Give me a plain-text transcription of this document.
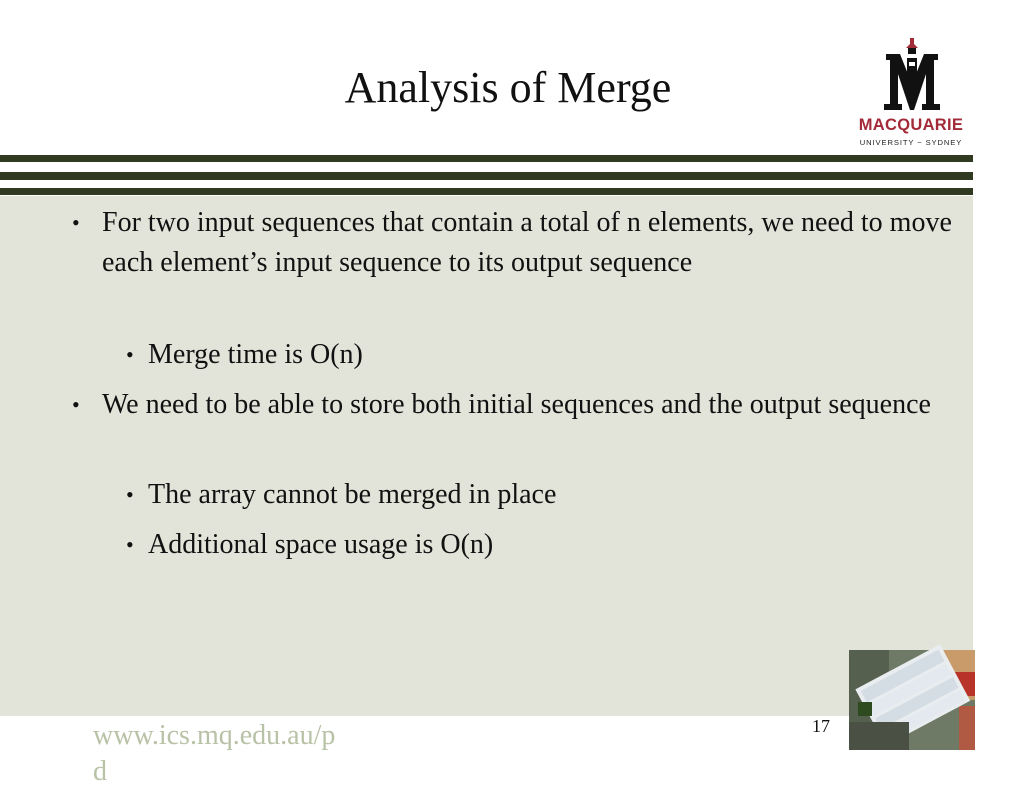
Analysis of Merge
MACQUARIE
UNIVERSITY ~ SYDNEY
• For two input sequences that contain a total of n elements, we need to move each element’s input sequence to its output sequence
• Merge time is O(n)
• We need to be able to store both initial sequences and the output sequence
• The array cannot be merged in place
• Additional space usage is O(n)
www.ics.mq.edu.au/p
d
17
